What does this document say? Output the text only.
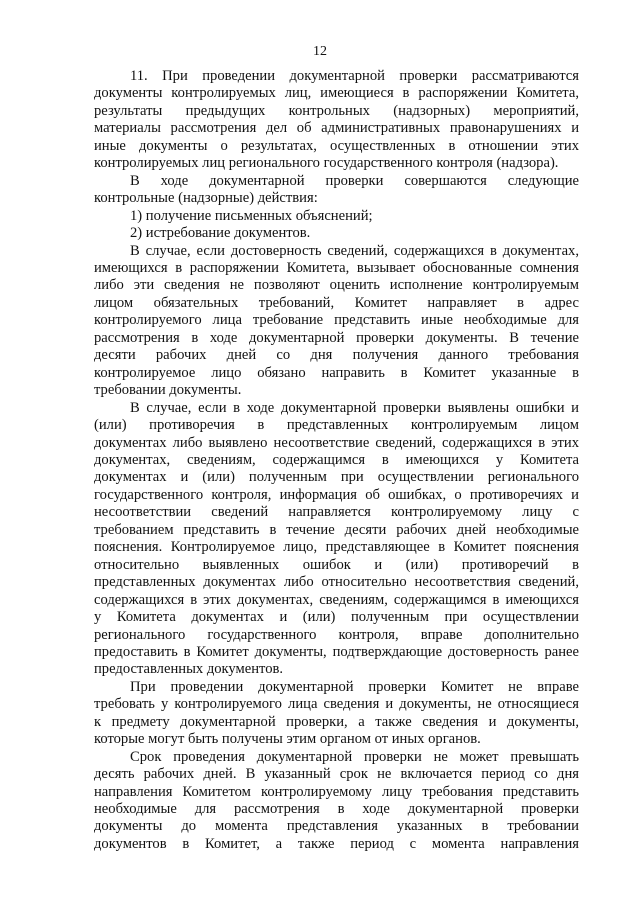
12
11. При проведении документарной проверки рассматриваются
документы контролируемых лиц, имеющиеся в распоряжении Комитета,
результаты предыдущих контрольных (надзорных) мероприятий,
материалы рассмотрения дел об административных правонарушениях и
иные документы о результатах, осуществленных в отношении этих
контролируемых лиц регионального государственного контроля (надзора).
В ходе документарной проверки совершаются следующие
контрольные (надзорные) действия:
1) получение письменных объяснений;
2) истребование документов.
В случае, если достоверность сведений, содержащихся в документах,
имеющихся в распоряжении Комитета, вызывает обоснованные сомнения
либо эти сведения не позволяют оценить исполнение контролируемым
лицом обязательных требований, Комитет направляет в адрес
контролируемого лица требование представить иные необходимые для
рассмотрения в ходе документарной проверки документы. В течение
десяти рабочих дней со дня получения данного требования
контролируемое лицо обязано направить в Комитет указанные в
требовании документы.
В случае, если в ходе документарной проверки выявлены ошибки и
(или) противоречия в представленных контролируемым лицом
документах либо выявлено несоответствие сведений, содержащихся в этих
документах, сведениям, содержащимся в имеющихся у Комитета
документах и (или) полученным при осуществлении регионального
государственного контроля, информация об ошибках, о противоречиях и
несоответствии сведений направляется контролируемому лицу с
требованием представить в течение десяти рабочих дней необходимые
пояснения. Контролируемое лицо, представляющее в Комитет пояснения
относительно выявленных ошибок и (или) противоречий в
представленных документах либо относительно несоответствия сведений,
содержащихся в этих документах, сведениям, содержащимся в имеющихся
у Комитета документах и (или) полученным при осуществлении
регионального государственного контроля, вправе дополнительно
предоставить в Комитет документы, подтверждающие достоверность ранее
предоставленных документов.
При проведении документарной проверки Комитет не вправе
требовать у контролируемого лица сведения и документы, не относящиеся
к предмету документарной проверки, а также сведения и документы,
которые могут быть получены этим органом от иных органов.
Срок проведения документарной проверки не может превышать
десять рабочих дней. В указанный срок не включается период со дня
направления Комитетом контролируемому лицу требования представить
необходимые для рассмотрения в ходе документарной проверки
документы до момента представления указанных в требовании
документов в Комитет, а также период с момента направления
